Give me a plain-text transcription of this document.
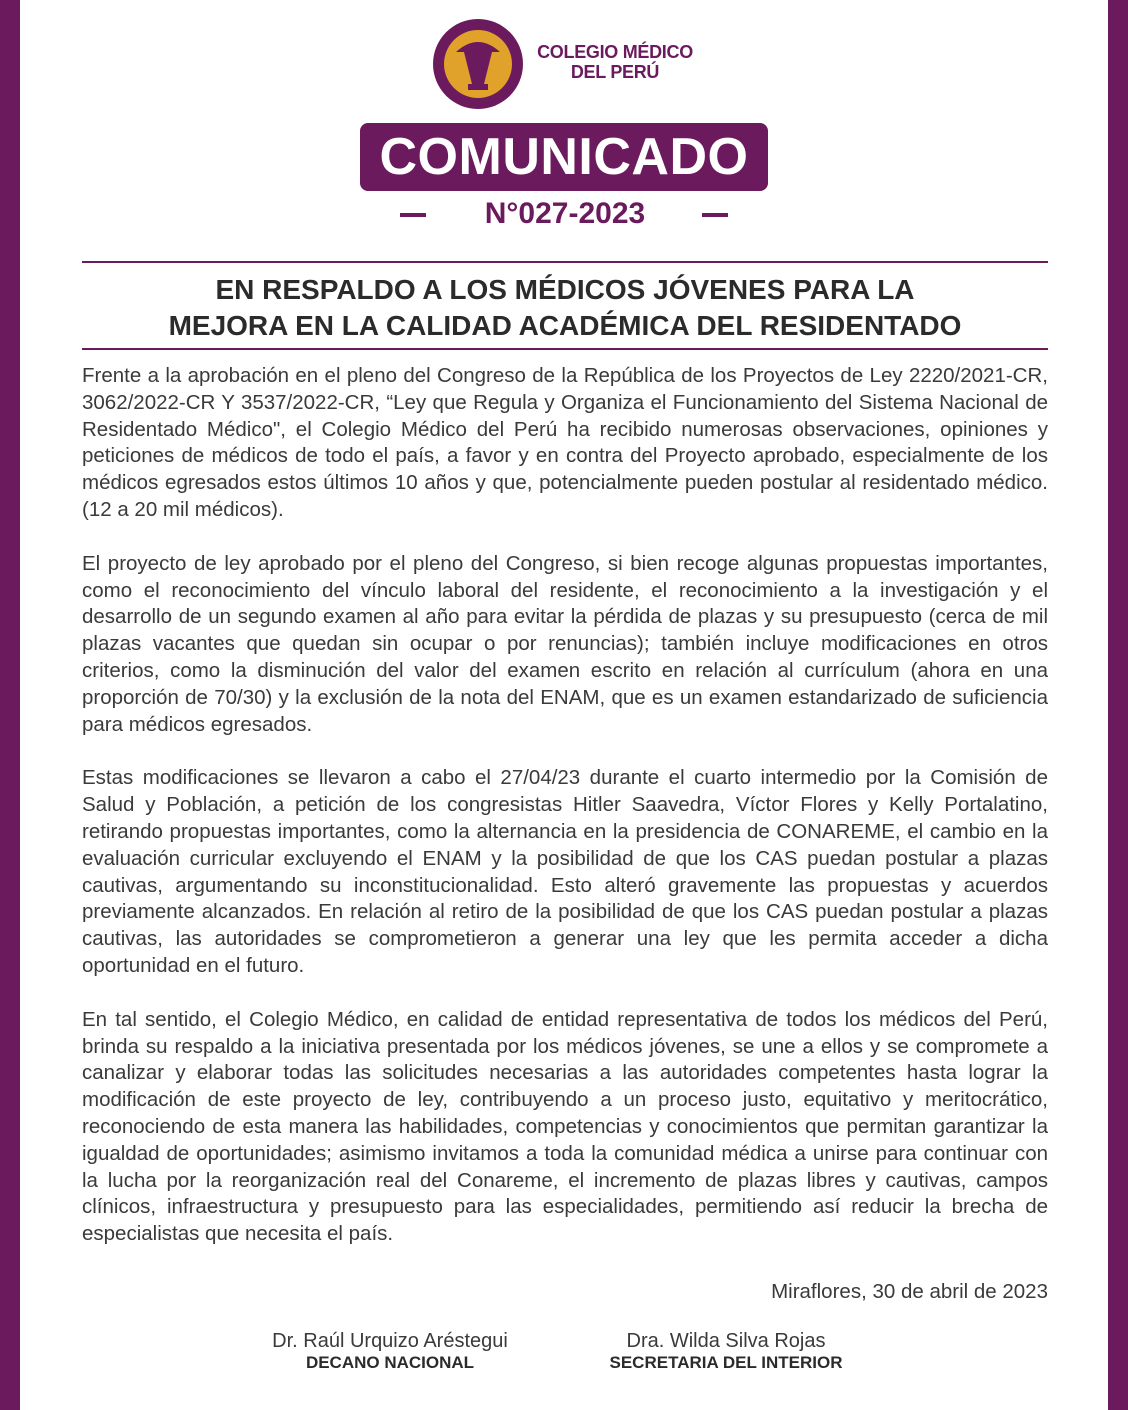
COLEGIO MÉDICO
DEL PERÚ
COMUNICADO
N°027-2023
EN RESPALDO A LOS MÉDICOS JÓVENES PARA LA
MEJORA EN LA CALIDAD ACADÉMICA DEL RESIDENTADO

Frente a la aprobación en el pleno del Congreso de la República de los Proyectos de Ley 2220/2021-CR, 3062/2022-CR Y 3537/2022-CR, “Ley que Regula y Organiza el Funcionamiento del Sistema Nacional de Residentado Médico", el Colegio Médico del Perú ha recibido numerosas observaciones, opiniones y peticiones de médicos de todo el país, a favor y en contra del Proyecto aprobado, especialmente de los médicos egresados estos últimos 10 años y que, potencialmente pueden postular al residentado médico. (12 a 20 mil médicos).

El proyecto de ley aprobado por el pleno del Congreso, si bien recoge algunas propuestas importantes, como el reconocimiento del vínculo laboral del residente, el reconocimiento a la investigación y el desarrollo de un segundo examen al año para evitar la pérdida de plazas y su presupuesto (cerca de mil plazas vacantes que quedan sin ocupar o por renuncias); también incluye modificaciones en otros criterios, como la disminución del valor del examen escrito en relación al currículum (ahora en una proporción de 70/30) y la exclusión de la nota del ENAM, que es un examen estandarizado de suficiencia para médicos egresados.

Estas modificaciones se llevaron a cabo el 27/04/23 durante el cuarto intermedio por la Comisión de Salud y Población, a petición de los congresistas Hitler Saavedra, Víctor Flores y Kelly Portalatino, retirando propuestas importantes, como la alternancia en la presidencia de CONAREME, el cambio en la evaluación curricular excluyendo el ENAM y la posibilidad de que los CAS puedan postular a plazas cautivas, argumentando su inconstitucionalidad. Esto alteró gravemente las propuestas y acuerdos previamente alcanzados. En relación al retiro de la posibilidad de que los CAS puedan postular a plazas cautivas, las autoridades se comprometieron a generar una ley que les permita acceder a dicha oportunidad en el futuro.

En tal sentido, el Colegio Médico, en calidad de entidad representativa de todos los médicos del Perú, brinda su respaldo a la iniciativa presentada por los médicos jóvenes, se une a ellos y se compromete a canalizar y elaborar todas las solicitudes necesarias a las autoridades competentes hasta lograr la modificación de este proyecto de ley, contribuyendo a un proceso justo, equitativo y meritocrático, reconociendo de esta manera las habilidades, competencias y conocimientos que permitan garantizar la igualdad de oportunidades; asimismo invitamos a toda la comunidad médica a unirse para continuar con la lucha por la reorganización real del Conareme, el incremento de plazas libres y cautivas, campos clínicos, infraestructura y presupuesto para las especialidades, permitiendo así reducir la brecha de especialistas que necesita el país.

Miraflores, 30 de abril de 2023
Dr. Raúl Urquizo Aréstegui
DECANO NACIONAL
Dra. Wilda Silva Rojas
SECRETARIA DEL INTERIOR
